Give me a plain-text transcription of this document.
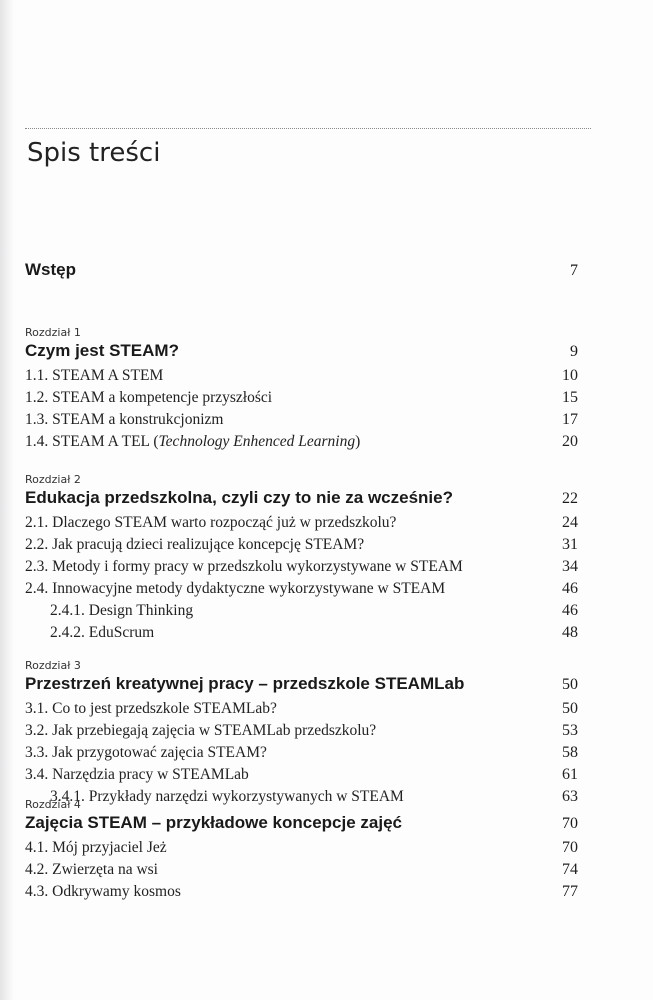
Spis treści
Wstęp	7
Rozdział 1
Czym jest STEAM?	9
1.1. STEAM A STEM	10
1.2. STEAM a kompetencje przyszłości	15
1.3. STEAM a konstrukcjonizm	17
1.4. STEAM A TEL (Technology Enhenced Learning)	20
Rozdział 2
Edukacja przedszkolna, czyli czy to nie za wcześnie?	22
2.1. Dlaczego STEAM warto rozpocząć już w przedszkolu?	24
2.2. Jak pracują dzieci realizujące koncepcję STEAM?	31
2.3. Metody i formy pracy w przedszkolu wykorzystywane w STEAM	34
2.4. Innowacyjne metody dydaktyczne wykorzystywane w STEAM	46
2.4.1. Design Thinking	46
2.4.2. EduScrum	48
Rozdział 3
Przestrzeń kreatywnej pracy – przedszkole STEAMLab	50
3.1. Co to jest przedszkole STEAMLab?	50
3.2. Jak przebiegają zajęcia w STEAMLab przedszkolu?	53
3.3. Jak przygotować zajęcia STEAM?	58
3.4. Narzędzia pracy w STEAMLab	61
3.4.1. Przykłady narzędzi wykorzystywanych w STEAM	63
Rozdział 4
Zajęcia STEAM – przykładowe koncepcje zajęć	70
4.1. Mój przyjaciel Jeż	70
4.2. Zwierzęta na wsi	74
4.3. Odkrywamy kosmos	77
